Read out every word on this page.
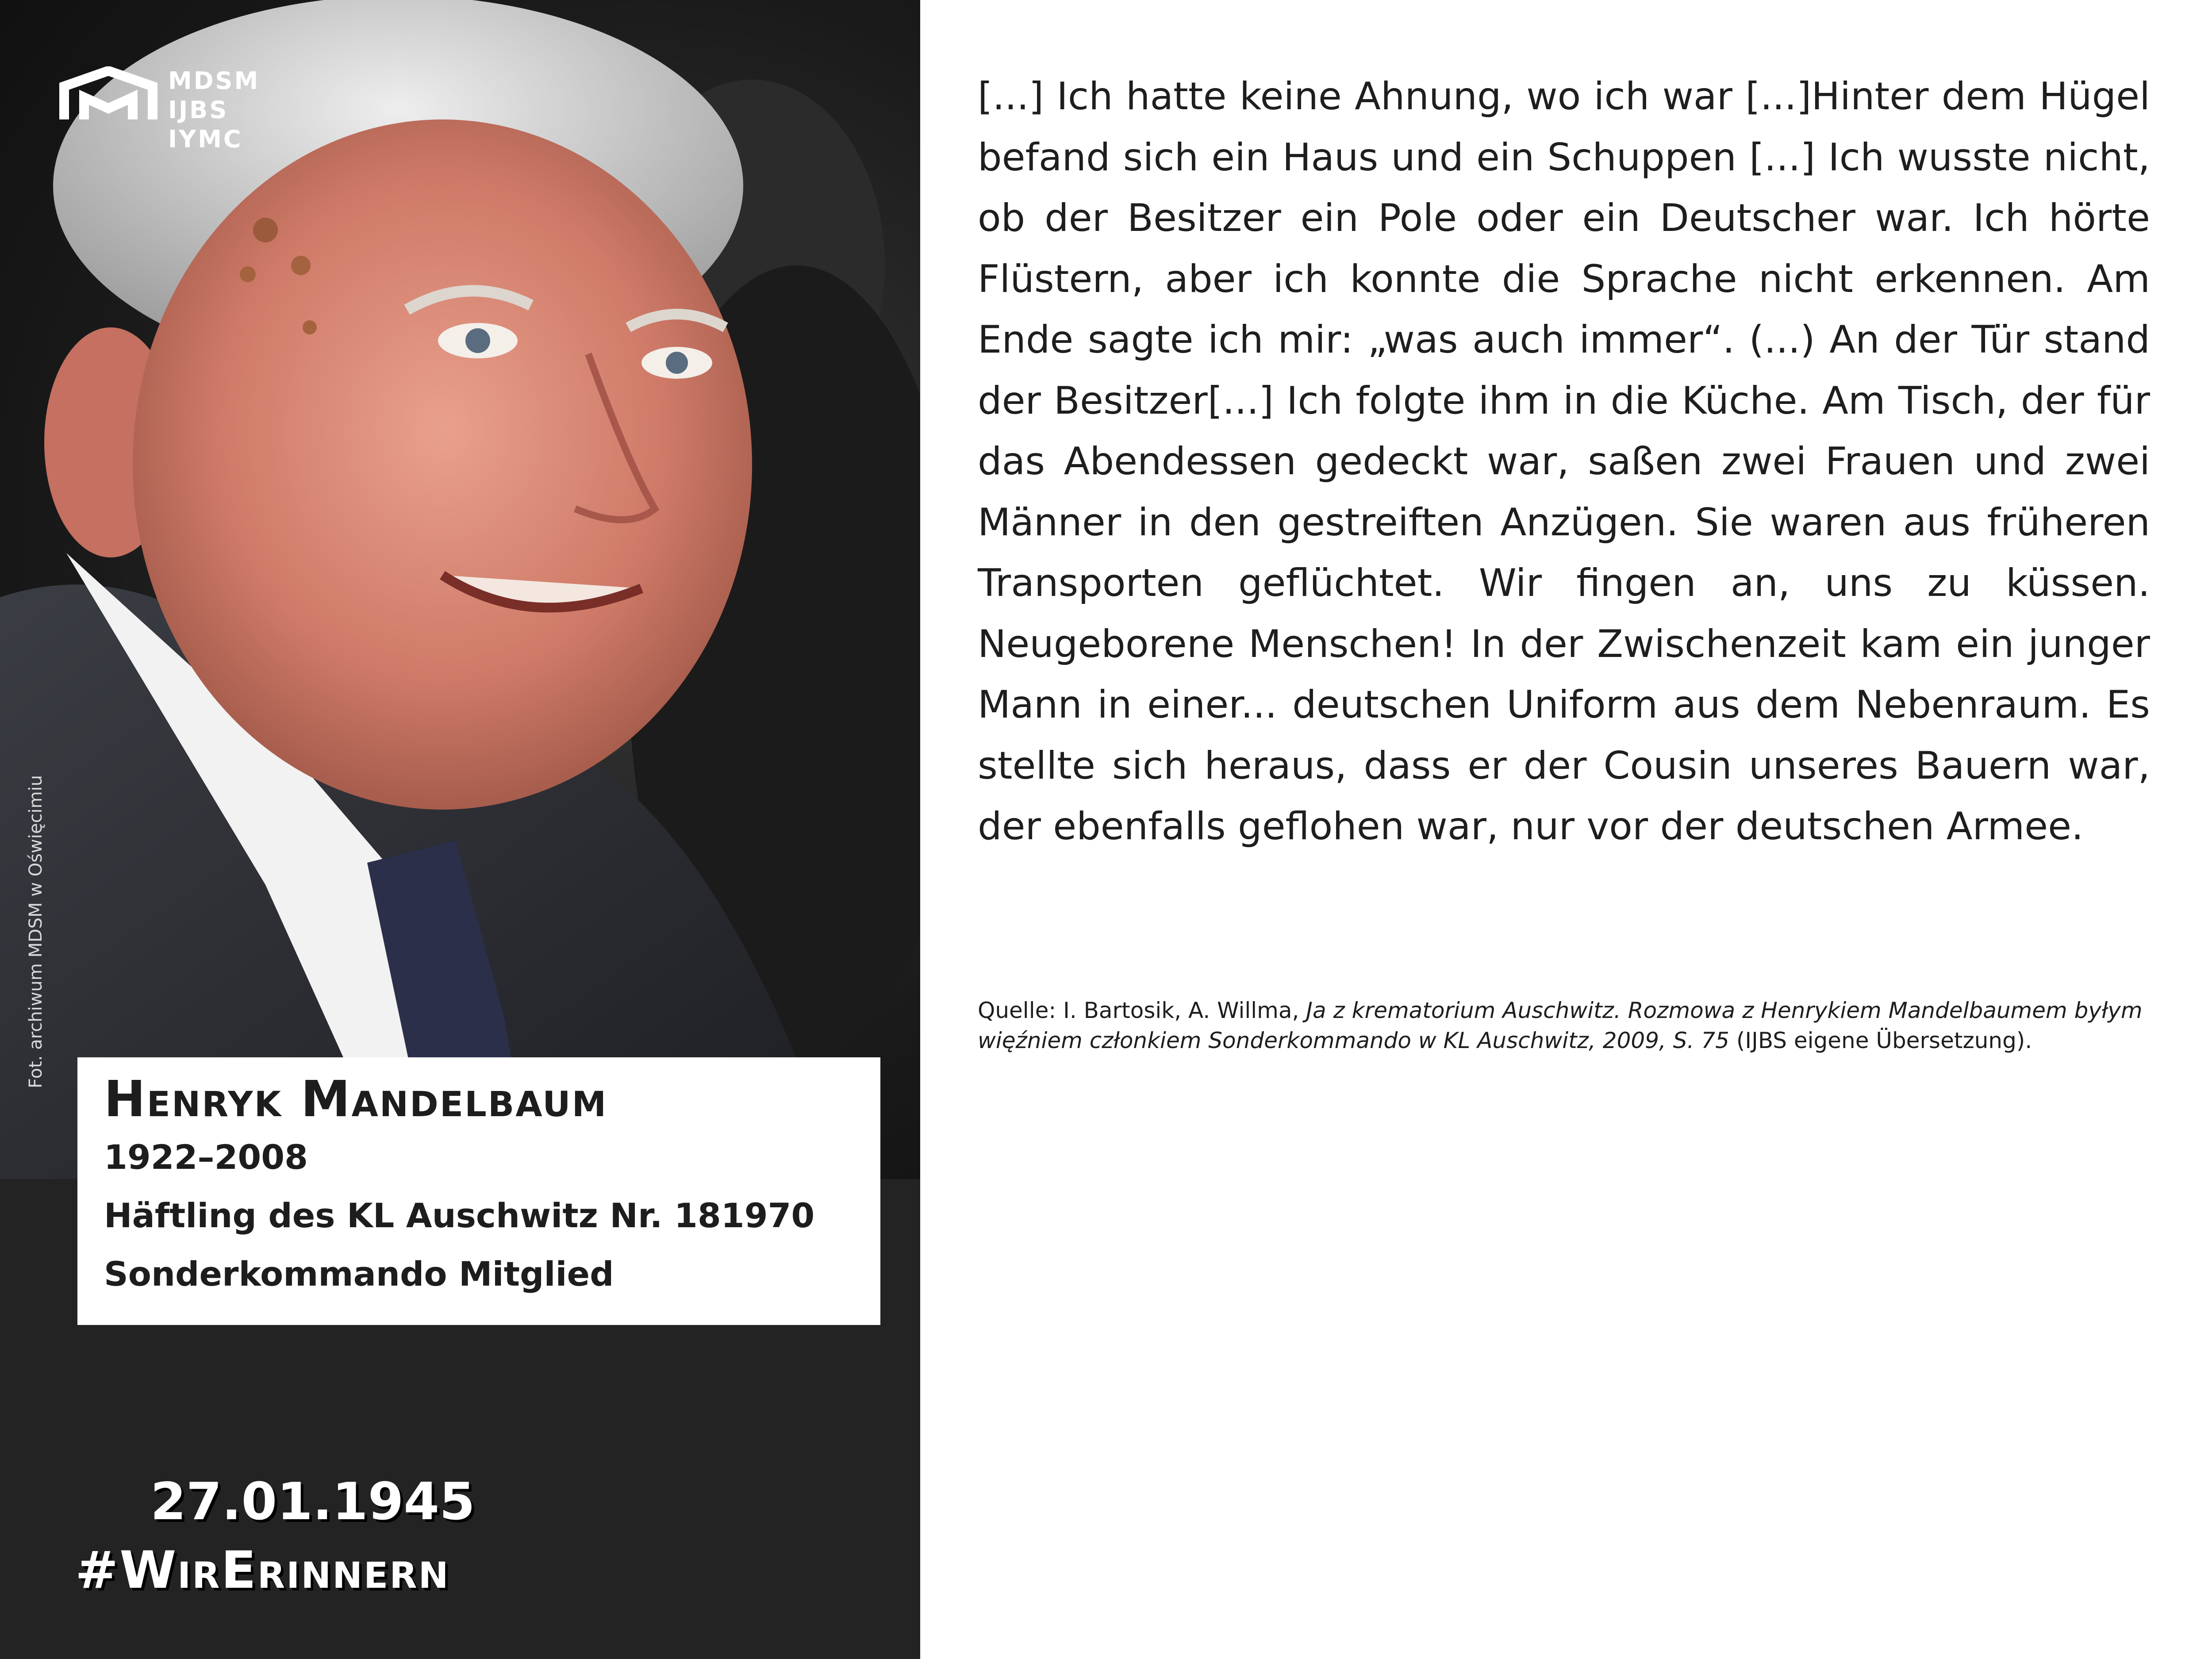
MDSM
IJBS
IYMC
Fot. archiwum MDSM w Oświęcimiu

Henryk Mandelbaum

1922–2008

Häftling des KL Auschwitz Nr. 181970

Sonderkommando Mitglied

27.01.1945
#WirErinnern

[...] Ich hatte keine Ahnung, wo ich war [...]Hinter dem Hügel befand sich ein Haus und ein Schuppen [...] Ich wusste nicht, ob der Besitzer ein Pole oder ein Deutscher war. Ich hörte Flüstern, aber ich konnte die Sprache nicht erkennen. Am Ende sagte ich mir: „was auch immer“. (...) An der Tür stand der Besitzer[...] Ich folgte ihm in die Küche. Am Tisch, der für das Abendessen gedeckt war, saßen zwei Frauen und zwei Männer in den gestreiften Anzügen. Sie waren aus früheren Transporten geflüchtet. Wir fingen an, uns zu küssen. Neugeborene Menschen! In der Zwischenzeit kam ein junger Mann in einer... deutschen Uniform aus dem Nebenraum. Es stellte sich heraus, dass er der Cousin unseres Bauern war, der ebenfalls geflohen war, nur vor der deutschen Armee.

Quelle: I. Bartosik, A. Willma, Ja z krematorium Auschwitz. Rozmowa z Henrykiem Mandelbaumem byłym więźniem członkiem Sonderkommando w KL Auschwitz, 2009, S. 75 (IJBS eigene Übersetzung).
